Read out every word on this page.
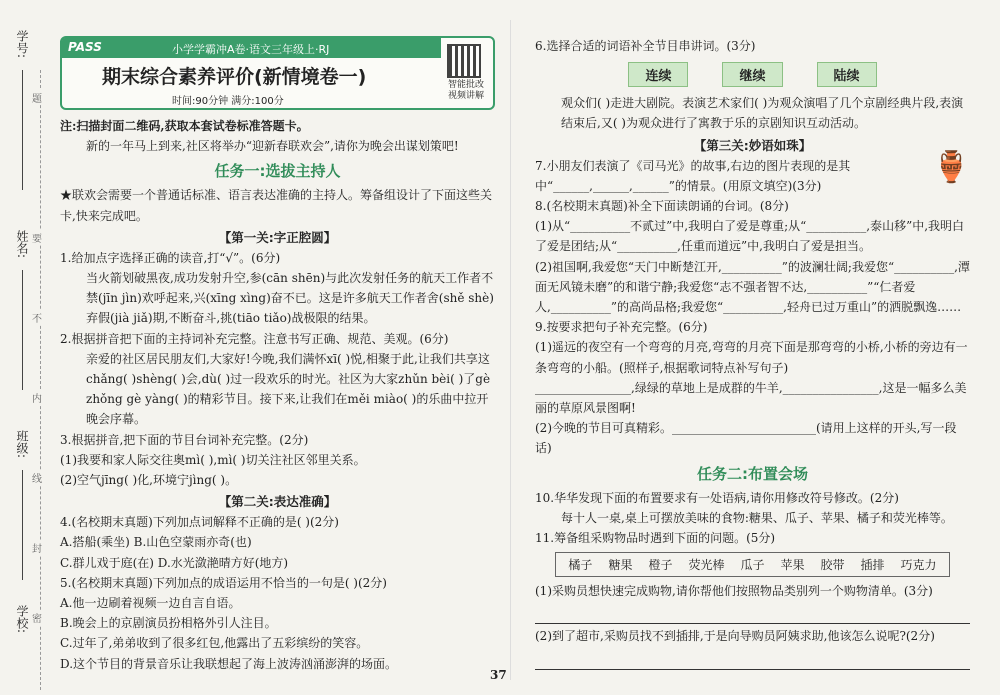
学号:
姓名:
班级:
学校:
题
要
不
内
线
封
密
PASS	小学学霸冲A卷·语文三年级上·RJ
期末综合素养评价(新情境卷一)
时间:90分钟 满分:100分
智能批改 视频讲解

注:扫描封面二维码,获取本套试卷标准答题卡。

新的一年马上到来,社区将举办“迎新春联欢会”,请你为晚会出谋划策吧!

任务一:选拔主持人

★联欢会需要一个普通话标准、语言表达准确的主持人。筹备组设计了下面这些关卡,快来完成吧。

【第一关:字正腔圆】

1.给加点字选择正确的读音,打“√”。(6分)

当火箭划破黑夜,成功发射升空,参(cān shēn)与此次发射任务的航天工作者不禁(jīn jìn)欢呼起来,兴(xīng xìng)奋不已。这是许多航天工作者舍(shě shè)弃假(jià jiǎ)期,不断奋斗,挑(tiāo tiǎo)战极限的结果。

2.根据拼音把下面的主持词补充完整。注意书写正确、规范、美观。(6分)

亲爱的社区居民朋友们,大家好!今晚,我们满怀xī( )悦,相聚于此,让我们共享这chǎng( )shèng( )会,dù( )过一段欢乐的时光。社区为大家zhǔn bèi( )了gè zhǒng gè yàng( )的精彩节目。接下来,让我们在měi miào( )的乐曲中拉开晚会序幕。

3.根据拼音,把下面的节目台词补充完整。(2分)

(1)我要和家人际交往奥mì( ),mì( )切关注社区邻里关系。

(2)空气jīng( )化,环境宁jìng( )。

【第二关:表达准确】

4.(名校期末真题)下列加点词解释不正确的是( )(2分)

A.搭船(乘坐) B.山色空蒙雨亦奇(也)

C.群儿戏于庭(在) D.水光潋滟晴方好(地方)

5.(名校期末真题)下列加点的成语运用不恰当的一句是( )(2分)

A.他一边刷着视频一边自言自语。

B.晚会上的京剧演员扮相格外引人注目。

C.过年了,弟弟收到了很多红包,他露出了五彩缤纷的笑容。

D.这个节目的背景音乐让我联想起了海上波涛汹涌澎湃的场面。

6.选择合适的词语补全节目串讲词。(3分)

连续	继续	陆续

观众们( )走进大剧院。表演艺术家们( )为观众演唱了几个京剧经典片段,表演结束后,又( )为观众进行了寓教于乐的京剧知识互动活动。

【第三关:妙语如珠】

7.小朋友们表演了《司马光》的故事,右边的图片表现的是其中“______,______,______”的情景。(用原文填空)(3分)

🏺

8.(名校期末真题)补全下面读朗诵的台词。(8分)

(1)从“__________不贰过”中,我明白了爱是尊重;从“__________,泰山移”中,我明白了爱是团结;从“__________,任重而道远”中,我明白了爱是担当。

(2)祖国啊,我爱您“天门中断楚江开,__________”的波澜壮阔;我爱您“__________,潭面无风镜未磨”的和谐宁静;我爱您“志不强者智不达,__________”“仁者爱人,__________”的高尚品格;我爱您“__________,轻舟已过万重山”的洒脱飘逸……

9.按要求把句子补充完整。(6分)

(1)遥远的夜空有一个弯弯的月亮,弯弯的月亮下面是那弯弯的小桥,小桥的旁边有一条弯弯的小船。(照样子,根据歌词特点补写句子)

________________,绿绿的草地上是成群的牛羊,________________,这是一幅多么美丽的草原风景图啊!

(2)今晚的节目可真精彩。________________________(请用上这样的开头,写一段话)

任务二:布置会场

10.华华发现下面的布置要求有一处语病,请你用修改符号修改。(2分)

每十人一桌,桌上可摆放美味的食物:糖果、瓜子、苹果、橘子和荧光棒等。

11.筹备组采购物品时遇到下面的问题。(5分)

橘子 糖果 橙子 荧光棒 瓜子 苹果 胶带 插排 巧克力

(1)采购员想快速完成购物,请你帮他们按照物品类别列一个购物清单。(3分)

(2)到了超市,采购员找不到插排,于是向导购员阿姨求助,他该怎么说呢?(2分)

37
